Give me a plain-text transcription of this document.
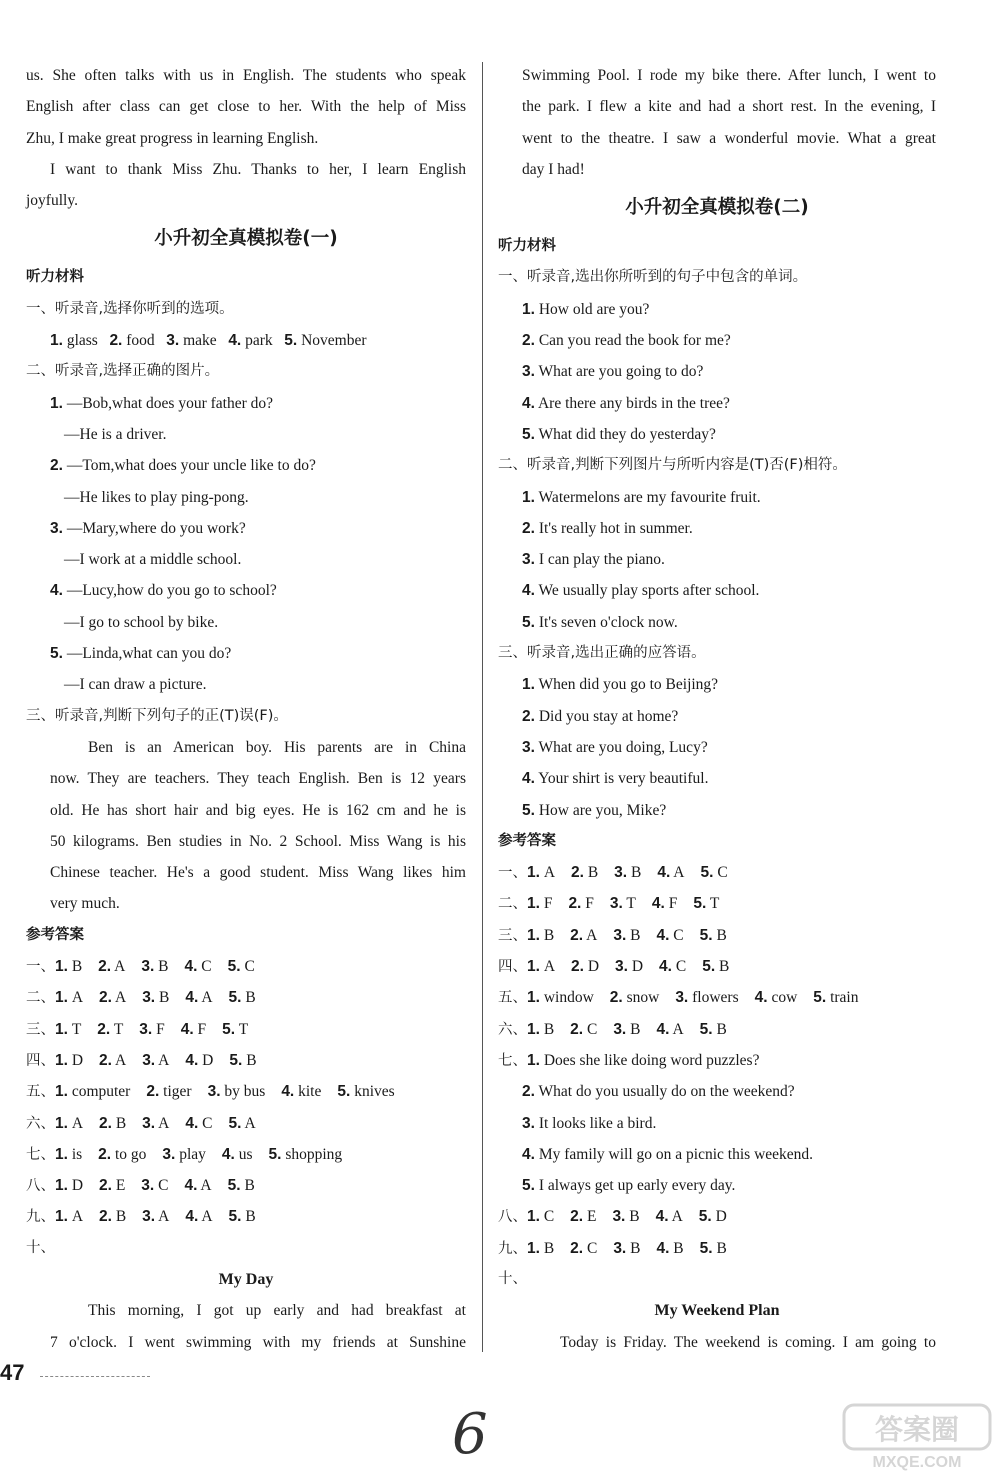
us. She often talks with us in English. The students who speak
English after class can get close to her. With the help of Miss
Zhu, I make great progress in learning English.
I want to thank Miss Zhu. Thanks to her, I learn English
joyfully.
小升初全真模拟卷(一)
听力材料
一、听录音,选择你听到的选项。
1. glass 2. food 3. make 4. park 5. November
二、听录音,选择正确的图片。
1. —Bob,what does your father do?
—He is a driver.
2. —Tom,what does your uncle like to do?
—He likes to play ping-pong.
3. —Mary,where do you work?
—I work at a middle school.
4. —Lucy,how do you go to school?
—I go to school by bike.
5. —Linda,what can you do?
—I can draw a picture.
三、听录音,判断下列句子的正(T)误(F)。
Ben is an American boy. His parents are in China
now. They are teachers. They teach English. Ben is 12 years
old. He has short hair and big eyes. He is 162 cm and he is
50 kilograms. Ben studies in No. 2 School. Miss Wang is his
Chinese teacher. He's a good student. Miss Wang likes him
very much.
参考答案
一、1. B 2. A 3. B 4. C 5. C
二、1. A 2. A 3. B 4. A 5. B
三、1. T 2. T 3. F 4. F 5. T
四、1. D 2. A 3. A 4. D 5. B
五、1. computer 2. tiger 3. by bus 4. kite 5. knives
六、1. A 2. B 3. A 4. C 5. A
七、1. is 2. to go 3. play 4. us 5. shopping
八、1. D 2. E 3. C 4. A 5. B
九、1. A 2. B 3. A 4. A 5. B
十、
My Day
This morning, I got up early and had breakfast at
7 o'clock. I went swimming with my friends at Sunshine
Swimming Pool. I rode my bike there. After lunch, I went to
the park. I flew a kite and had a short rest. In the evening, I
went to the theatre. I saw a wonderful movie. What a great
day I had!
小升初全真模拟卷(二)
听力材料
一、听录音,选出你所听到的句子中包含的单词。
1. How old are you?
2. Can you read the book for me?
3. What are you going to do?
4. Are there any birds in the tree?
5. What did they do yesterday?
二、听录音,判断下列图片与所听内容是(T)否(F)相符。
1. Watermelons are my favourite fruit.
2. It's really hot in summer.
3. I can play the piano.
4. We usually play sports after school.
5. It's seven o'clock now.
三、听录音,选出正确的应答语。
1. When did you go to Beijing?
2. Did you stay at home?
3. What are you doing, Lucy?
4. Your shirt is very beautiful.
5. How are you, Mike?
参考答案
一、1. A 2. B 3. B 4. A 5. C
二、1. F 2. F 3. T 4. F 5. T
三、1. B 2. A 3. B 4. C 5. B
四、1. A 2. D 3. D 4. C 5. B
五、1. window 2. snow 3. flowers 4. cow 5. train
六、1. B 2. C 3. B 4. A 5. B
七、1. Does she like doing word puzzles?
2. What do you usually do on the weekend?
3. It looks like a bird.
4. My family will go on a picnic this weekend.
5. I always get up early every day.
八、1. C 2. E 3. B 4. A 5. D
九、1. B 2. C 3. B 4. B 5. B
十、
My Weekend Plan
Today is Friday. The weekend is coming. I am going to
47
6	答案圈
MXQE.COM
